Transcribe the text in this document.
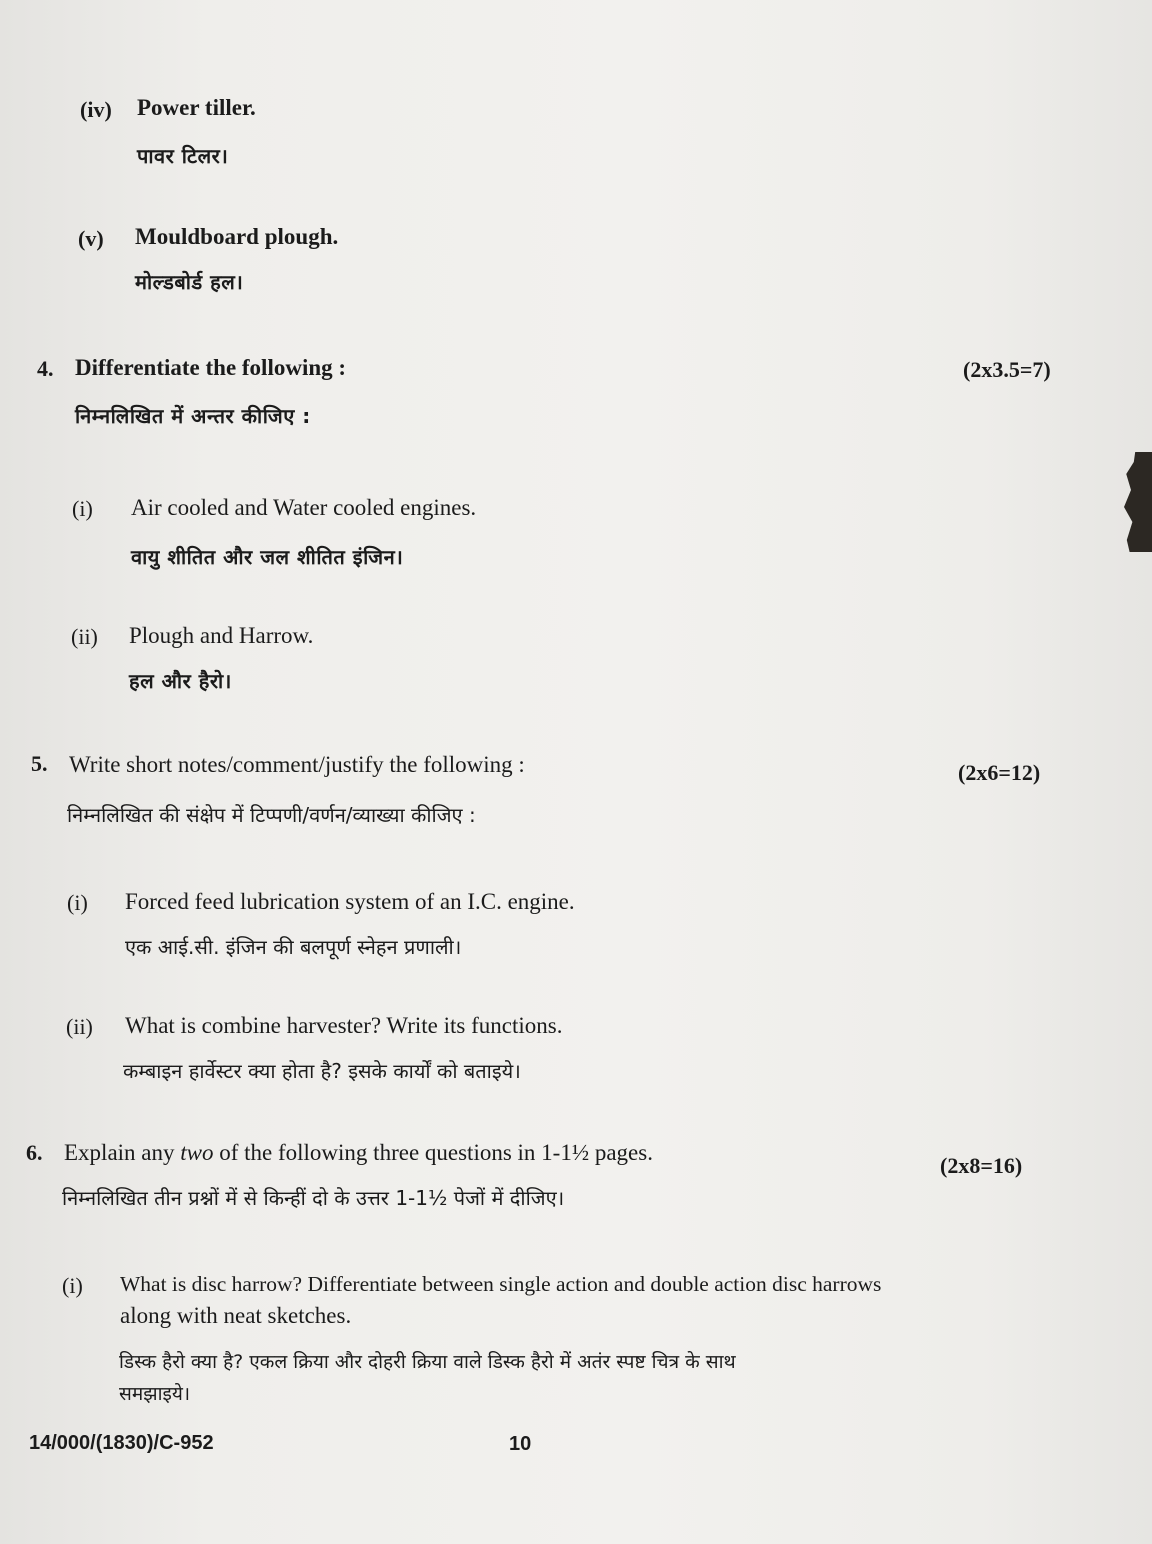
(iv) Power tiller.
पावर टिलर।
(v) Mouldboard plough.
मोल्डबोर्ड हल।
4. Differentiate the following :	(2x3.5=7)
निम्नलिखित में अन्तर कीजिए :
(i) Air cooled and Water cooled engines.
वायु शीतित और जल शीतित इंजिन।
(ii) Plough and Harrow.
हल और हैरो।
5. Write short notes/comment/justify the following :	(2x6=12)
निम्नलिखित की संक्षेप में टिप्पणी/वर्णन/व्याख्या कीजिए :
(i) Forced feed lubrication system of an I.C. engine.
एक आई.सी. इंजिन की बलपूर्ण स्नेहन प्रणाली।
(ii) What is combine harvester? Write its functions.
कम्बाइन हार्वेस्टर क्या होता है? इसके कार्यों को बताइये।
6. Explain any two of the following three questions in 1-1½ pages.
(2x8=16)
निम्नलिखित तीन प्रश्नों में से किन्हीं दो के उत्तर 1-1½ पेजों में दीजिए।
(i) What is disc harrow? Differentiate between single action and double action disc harrows
along with neat sketches.
डिस्क हैरो क्या है? एकल क्रिया और दोहरी क्रिया वाले डिस्क हैरो में अतंर स्पष्ट चित्र के साथ
समझाइये।
14/000/(1830)/C-952	10
